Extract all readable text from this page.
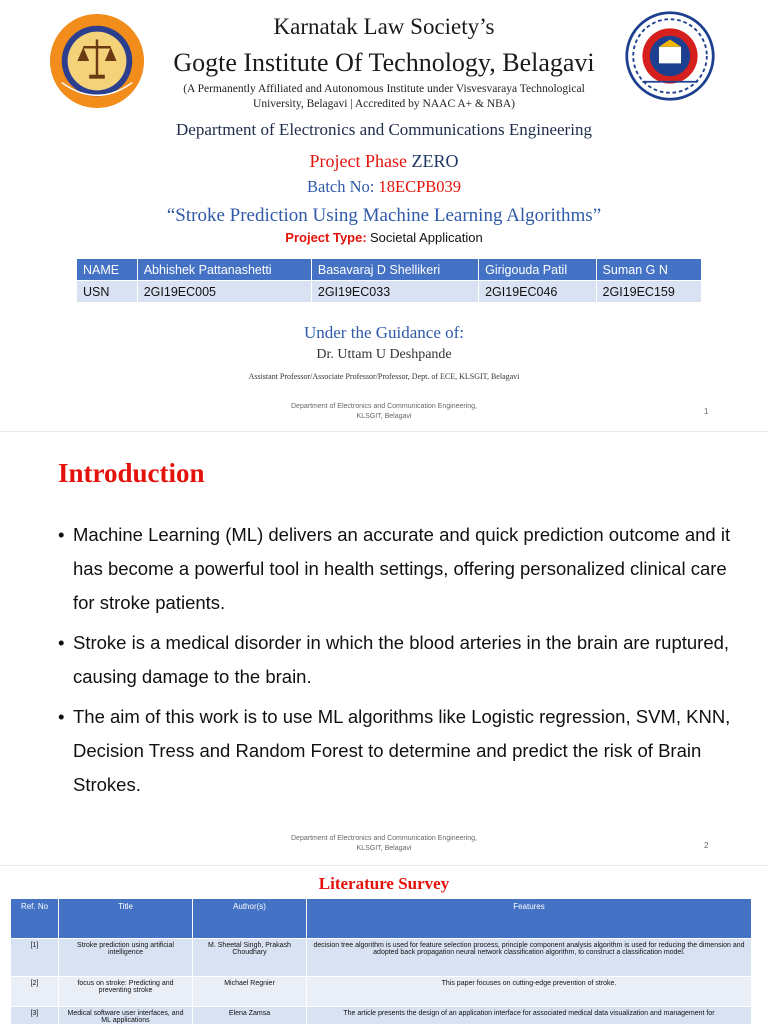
Karnatak Law Society’s
Gogte Institute Of Technology, Belagavi
(A Permanently Affiliated and Autonomous Institute under Visvesvaraya Technological
University, Belagavi | Accredited by NAAC A+ & NBA)
Department of Electronics and Communications Engineering
Project Phase ZERO
Batch No: 18ECPB039
“Stroke Prediction Using Machine Learning Algorithms”
Project Type: Societal Application
NAME	Abhishek Pattanashetti	Basavaraj D Shellikeri	Girigouda Patil	Suman G N
USN	2GI19EC005	2GI19EC033	2GI19EC046	2GI19EC159
Under the Guidance of:
Dr. Uttam U Deshpande
Assistant Professor/Associate Professor/Professor, Dept. of ECE, KLSGIT, Belagavi
Department of Electronics and Communication Engineering,
KLSGIT, Belagavi
1
Introduction
• Machine Learning (ML) delivers an accurate and quick prediction outcome and it has become a powerful tool in health settings, offering personalized clinical care for stroke patients.
• Stroke is a medical disorder in which the blood arteries in the brain are ruptured, causing damage to the brain.
• The aim of this work is to use ML algorithms like Logistic regression, SVM, KNN, Decision Tress and Random Forest to determine and predict the risk of Brain Strokes.
Department of Electronics and Communication Engineering,
KLSGIT, Belagavi	2
Literature Survey
Ref. No	Title	Author(s)	Features
[1]	Stroke prediction using artificial intelligence	M. Sheetal Singh, Prakash Choudhary	decision tree algorithm is used for feature selection process, principle component analysis algorithm is used for reducing the dimension and adopted back propagation neural network classification algorithm, to construct a classification model.
[2]	focus on stroke: Predicting and preventing stroke	Michael Regnier	This paper focuses on cutting-edge prevention of stroke.
[3]	Medical software user interfaces, and ML applications	Elena Zamsa	The article presents the design of an application interface for associated medical data visualization and management for
